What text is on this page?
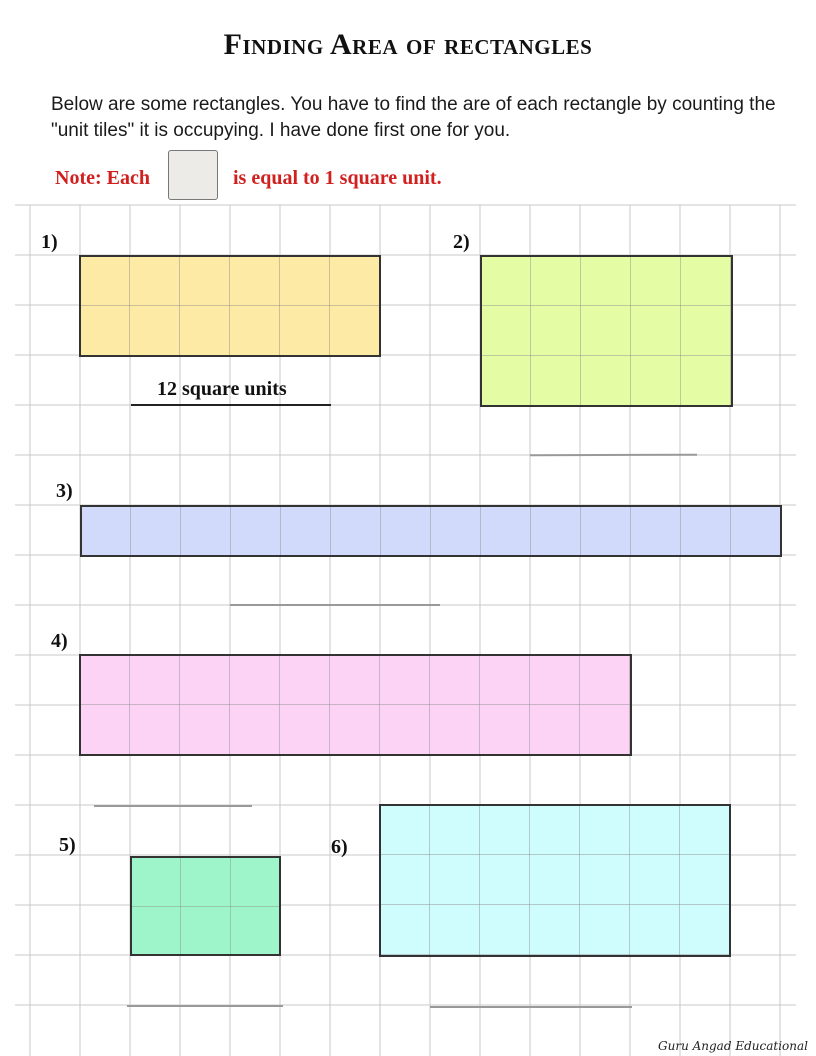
Finding Area of rectangles
Below are some rectangles. You have to find the are of each rectangle by counting the "unit tiles" it is occupying. I have done first one for you.
Note: Each	is equal to 1 square unit.
1)
12 square units
2)
3)
4)
5)	6)
Guru Angad Educational
